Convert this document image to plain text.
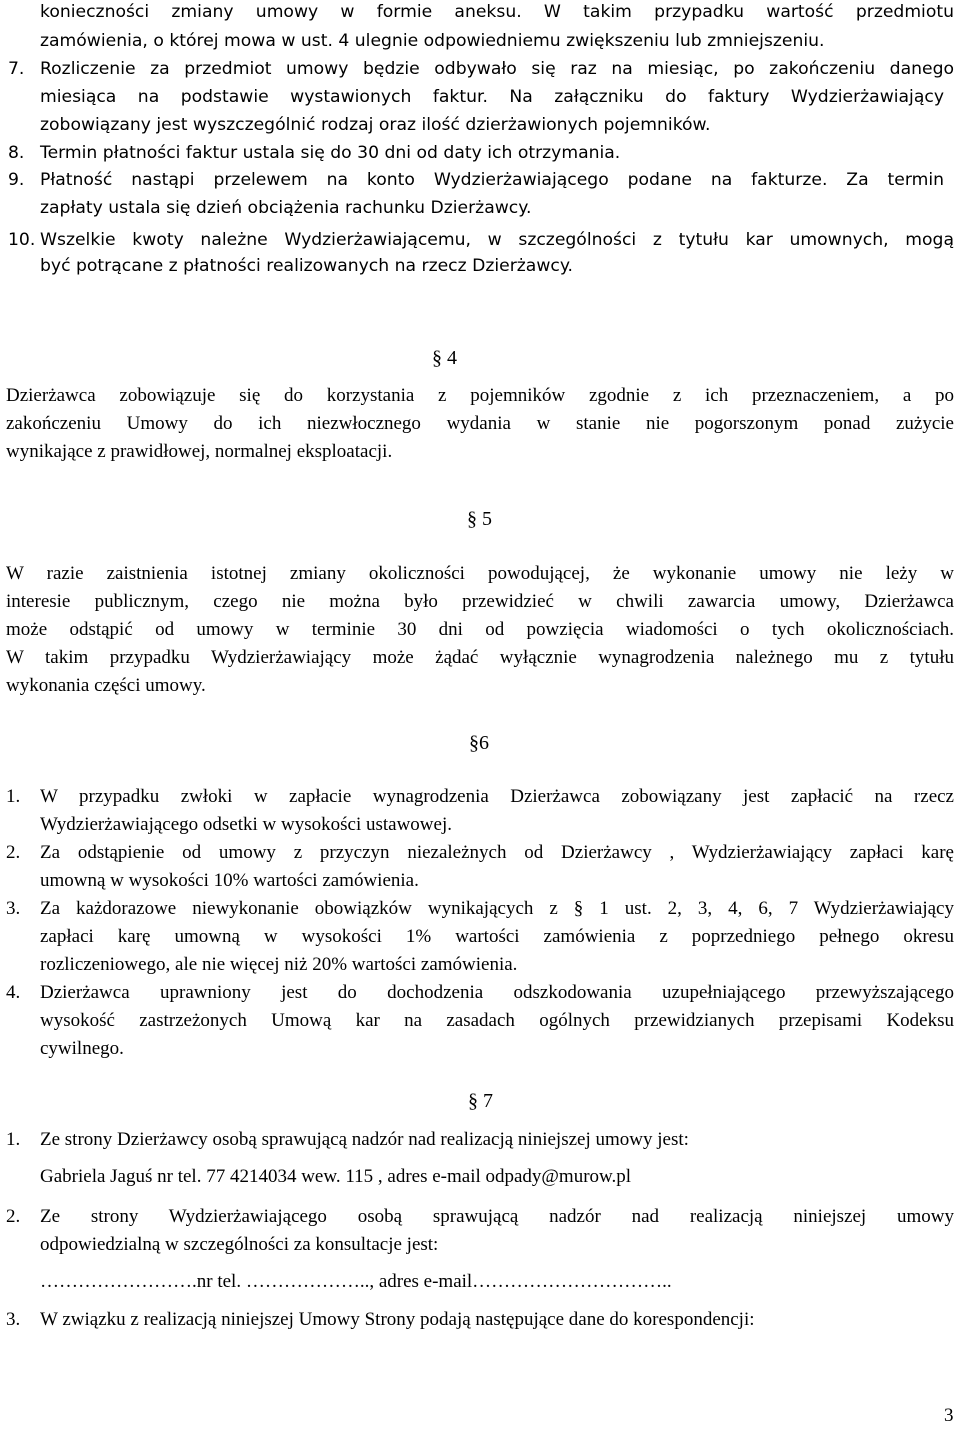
konieczności zmiany umowy w formie aneksu. W takim przypadku wartość przedmiotu
zamówienia, o której mowa w ust. 4 ulegnie odpowiedniemu zwiększeniu lub zmniejszeniu.
7. Rozliczenie za przedmiot umowy będzie odbywało się raz na miesiąc, po zakończeniu danego
miesiąca na podstawie wystawionych faktur. Na załączniku do faktury Wydzierżawiający
zobowiązany jest wyszczególnić rodzaj oraz ilość dzierżawionych pojemników.
8. Termin płatności faktur ustala się do 30 dni od daty ich otrzymania.
9. Płatność nastąpi przelewem na konto Wydzierżawiającego podane na fakturze. Za termin
zapłaty ustala się dzień obciążenia rachunku Dzierżawcy.
10. Wszelkie kwoty należne Wydzierżawiającemu, w szczególności z tytułu kar umownych, mogą
być potrącane z płatności realizowanych na rzecz Dzierżawcy.
§ 4
Dzierżawca zobowiązuje się do korzystania z pojemników zgodnie z ich przeznaczeniem, a po
zakończeniu Umowy do ich niezwłocznego wydania w stanie nie pogorszonym ponad zużycie
wynikające z prawidłowej, normalnej eksploatacji.
§ 5
W razie zaistnienia istotnej zmiany okoliczności powodującej, że wykonanie umowy nie leży w
interesie publicznym, czego nie można było przewidzieć w chwili zawarcia umowy, Dzierżawca
może odstąpić od umowy w terminie 30 dni od powzięcia wiadomości o tych okolicznościach.
W takim przypadku Wydzierżawiający może żądać wyłącznie wynagrodzenia należnego mu z tytułu
wykonania części umowy.
§6
1. W przypadku zwłoki w zapłacie wynagrodzenia Dzierżawca zobowiązany jest zapłacić na rzecz
Wydzierżawiającego odsetki w wysokości ustawowej.
2. Za odstąpienie od umowy z przyczyn niezależnych od Dzierżawcy , Wydzierżawiający zapłaci karę
umowną w wysokości 10% wartości zamówienia.
3. Za każdorazowe niewykonanie obowiązków wynikających z § 1 ust. 2, 3, 4, 6, 7 Wydzierżawiający
zapłaci karę umowną w wysokości 1% wartości zamówienia z poprzedniego pełnego okresu
rozliczeniowego, ale nie więcej niż 20% wartości zamówienia.
4. Dzierżawca uprawniony jest do dochodzenia odszkodowania uzupełniającego przewyższającego
wysokość zastrzeżonych Umową kar na zasadach ogólnych przewidzianych przepisami Kodeksu
cywilnego.
§ 7
1. Ze strony Dzierżawcy osobą sprawującą nadzór nad realizacją niniejszej umowy jest:
Gabriela Jaguś nr tel. 77 4214034 wew. 115 , adres e-mail odpady@murow.pl
2. Ze strony Wydzierżawiającego osobą sprawującą nadzór nad realizacją niniejszej umowy
odpowiedzialną w szczególności za konsultacje jest:
…………………….nr tel. ……………….., adres e-mail…………………………..
3. W związku z realizacją niniejszej Umowy Strony podają następujące dane do korespondencji:
3
